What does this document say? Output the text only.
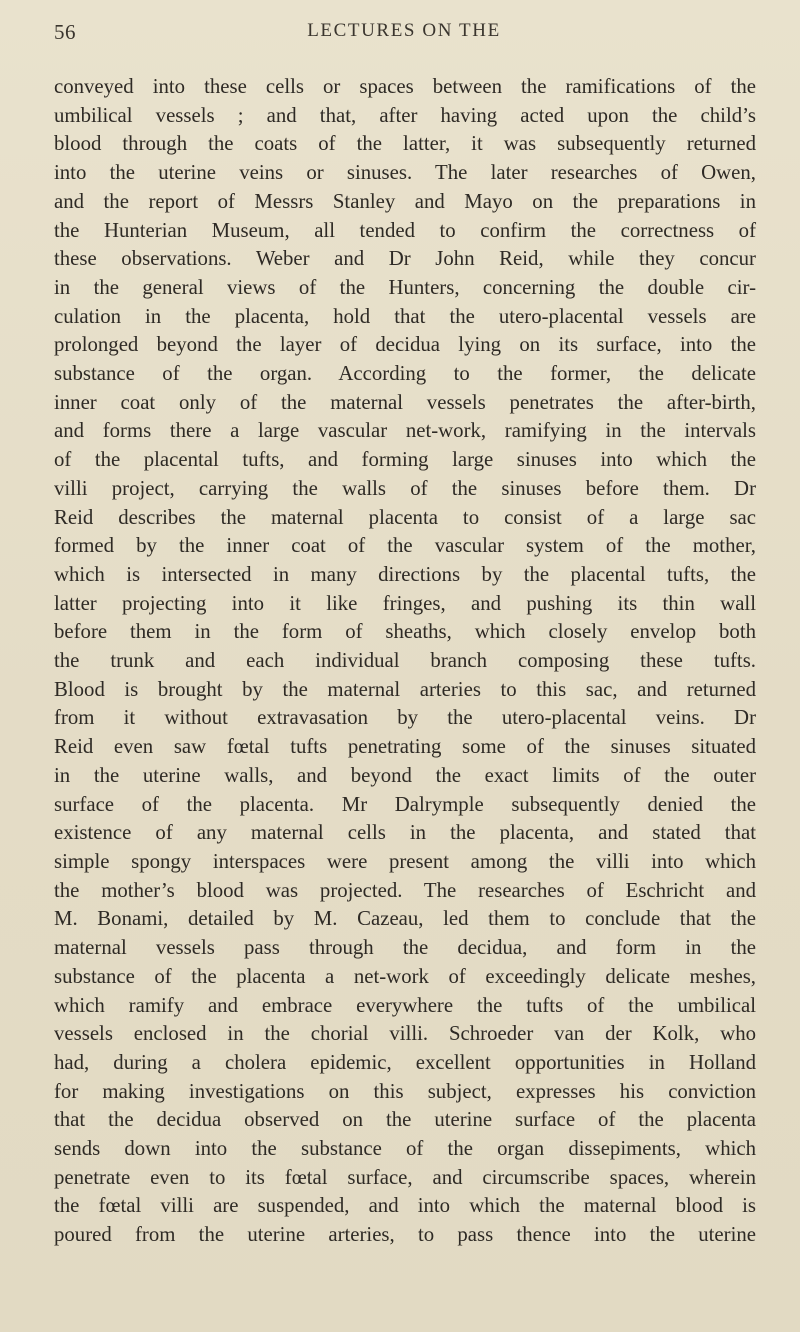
56	LECTURES ON THE
conveyed into these cells or spaces between the ramifications of the
umbilical vessels ; and that, after having acted upon the child’s
blood through the coats of the latter, it was subsequently returned
into the uterine veins or sinuses. The later researches of Owen,
and the report of Messrs Stanley and Mayo on the preparations in
the Hunterian Museum, all tended to confirm the correctness of
these observations. Weber and Dr John Reid, while they concur
in the general views of the Hunters, concerning the double cir-
culation in the placenta, hold that the utero-placental vessels are
prolonged beyond the layer of decidua lying on its surface, into the
substance of the organ. According to the former, the delicate
inner coat only of the maternal vessels penetrates the after-birth,
and forms there a large vascular net-work, ramifying in the intervals
of the placental tufts, and forming large sinuses into which the
villi project, carrying the walls of the sinuses before them. Dr
Reid describes the maternal placenta to consist of a large sac
formed by the inner coat of the vascular system of the mother,
which is intersected in many directions by the placental tufts, the
latter projecting into it like fringes, and pushing its thin wall
before them in the form of sheaths, which closely envelop both
the trunk and each individual branch composing these tufts.
Blood is brought by the maternal arteries to this sac, and returned
from it without extravasation by the utero-placental veins. Dr
Reid even saw fœtal tufts penetrating some of the sinuses situated
in the uterine walls, and beyond the exact limits of the outer
surface of the placenta. Mr Dalrymple subsequently denied the
existence of any maternal cells in the placenta, and stated that
simple spongy interspaces were present among the villi into which
the mother’s blood was projected. The researches of Eschricht and
M. Bonami, detailed by M. Cazeau, led them to conclude that the
maternal vessels pass through the decidua, and form in the
substance of the placenta a net-work of exceedingly delicate meshes,
which ramify and embrace everywhere the tufts of the umbilical
vessels enclosed in the chorial villi. Schroeder van der Kolk, who
had, during a cholera epidemic, excellent opportunities in Holland
for making investigations on this subject, expresses his conviction
that the decidua observed on the uterine surface of the placenta
sends down into the substance of the organ dissepiments, which
penetrate even to its fœtal surface, and circumscribe spaces, wherein
the fœtal villi are suspended, and into which the maternal blood is
poured from the uterine arteries, to pass thence into the uterine
